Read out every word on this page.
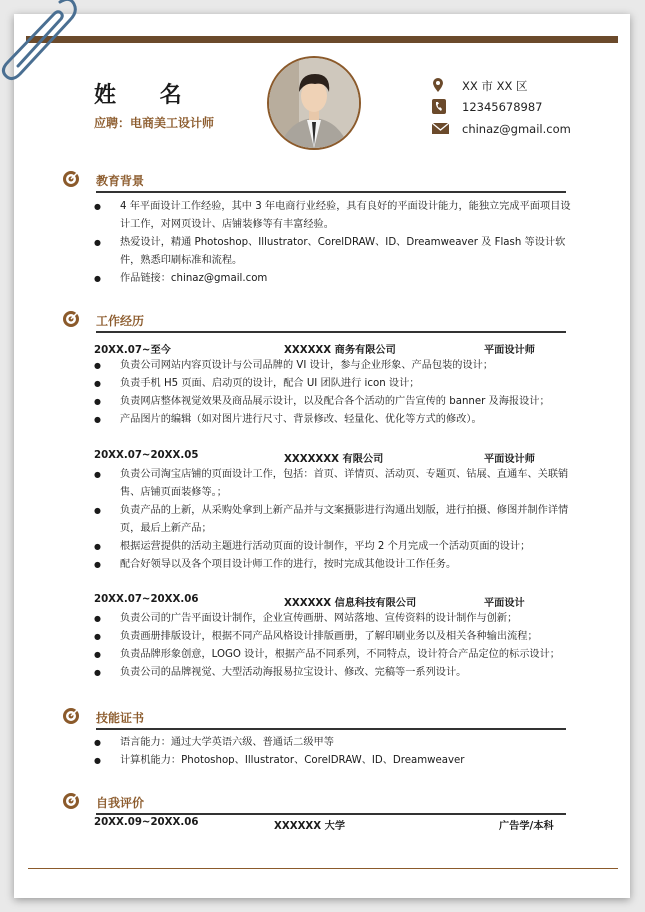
姓 名
应聘：电商美工设计师
XX 市 XX 区
12345678987
chinaz@gmail.com
教育背景
● 4 年平面设计工作经验，其中 3 年电商行业经验，具有良好的平面设计能力，能独立完成平面项目设计工作，对网页设计、店铺装修等有丰富经验。
● 热爱设计，精通 Photoshop、Illustrator、CorelDRAW、ID、Dreamweaver 及 Flash 等设计软件，熟悉印刷标准和流程。
● 作品链接：chinaz@gmail.com
工作经历
20XX.07~至今	XXXXXX 商务有限公司	平面设计师
● 负责公司网站内容页设计与公司品牌的 VI 设计，参与企业形象、产品包装的设计；
● 负责手机 H5 页面、启动页的设计，配合 UI 团队进行 icon 设计；
● 负责网店整体视觉效果及商品展示设计，以及配合各个活动的广告宣传的 banner 及海报设计；
● 产品图片的编辑（如对图片进行尺寸、背景修改、轻量化、优化等方式的修改）。
20XX.07~20XX.05	XXXXXXX 有限公司	平面设计师
● 负责公司淘宝店铺的页面设计工作，包括：首页、详情页、活动页、专题页、钻展、直通车、关联销售、店铺页面装修等。；
● 负责产品的上新，从采购处拿到上新产品并与文案摄影进行沟通出划版，进行拍摄、修图并制作详情页，最后上新产品；
● 根据运营提供的活动主题进行活动页面的设计制作，平均 2 个月完成一个活动页面的设计；
● 配合好领导以及各个项目设计师工作的进行，按时完成其他设计工作任务。
20XX.07~20XX.06	XXXXXX 信息科技有限公司	平面设计
● 负责公司的广告平面设计制作，企业宣传画册、网站落地、宣传资料的设计制作与创新；
● 负责画册排版设计，根据不同产品风格设计排版画册，了解印刷业务以及相关各种输出流程；
● 负责品牌形象创意，LOGO 设计，根据产品不同系列，不同特点，设计符合产品定位的标示设计；
● 负责公司的品牌视觉、大型活动海报易拉宝设计、修改、完稿等一系列设计。
技能证书
● 语言能力：通过大学英语六级、普通话二级甲等
● 计算机能力：Photoshop、Illustrator、CorelDRAW、ID、Dreamweaver
自我评价
20XX.09~20XX.06	XXXXXX 大学	广告学/本科
